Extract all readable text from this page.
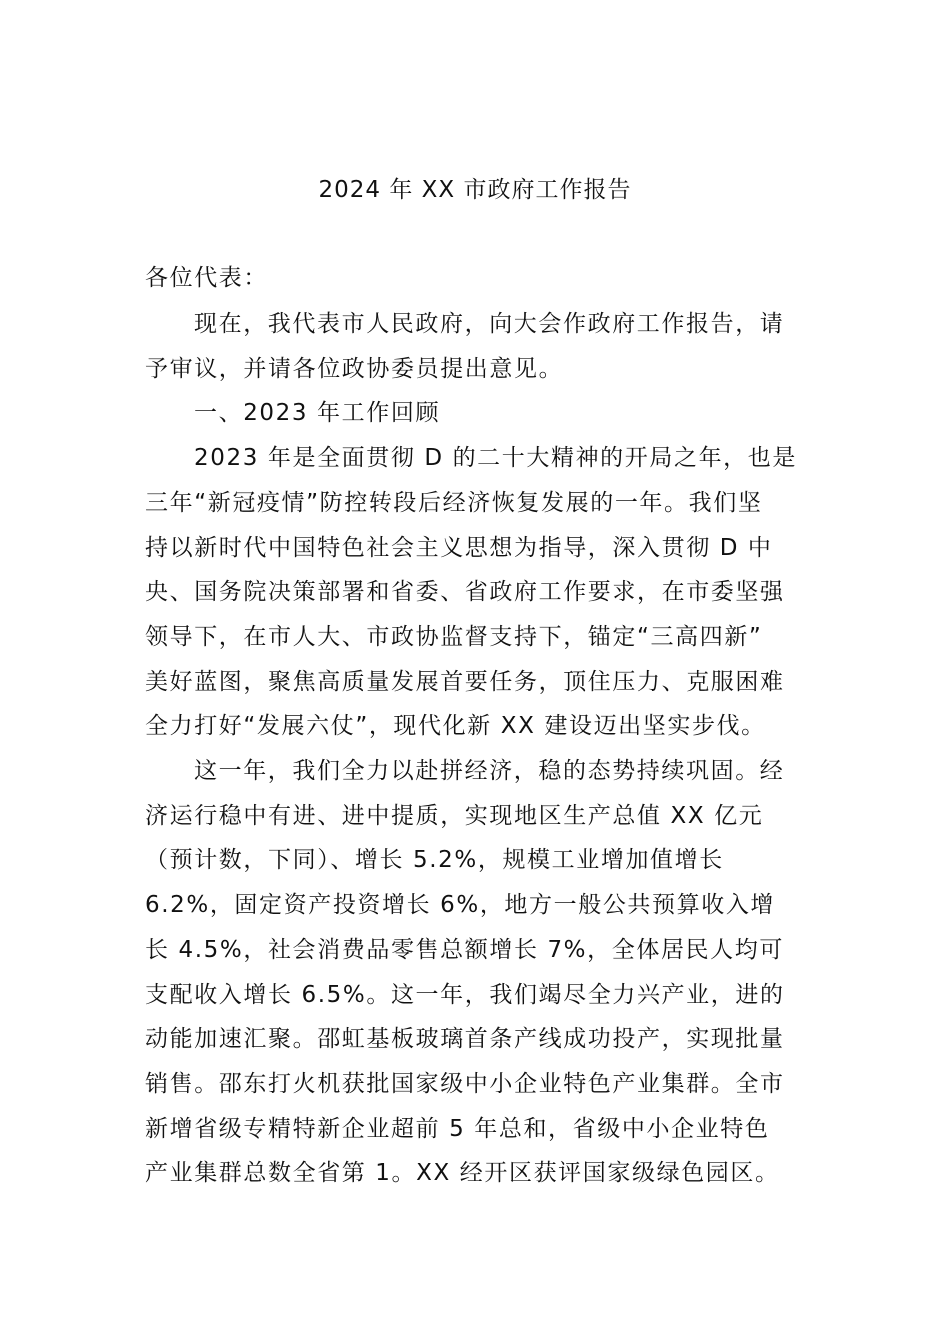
2024 年 XX 市政府工作报告
各位代表：
现在，我代表市人民政府，向大会作政府工作报告，请
予审议，并请各位政协委员提出意见。
一、2023 年工作回顾
2023 年是全面贯彻 D 的二十大精神的开局之年，也是
三年“新冠疫情”防控转段后经济恢复发展的一年。我们坚
持以新时代中国特色社会主义思想为指导，深入贯彻 D 中
央、国务院决策部署和省委、省政府工作要求，在市委坚强
领导下，在市人大、市政协监督支持下，锚定“三高四新”
美好蓝图，聚焦高质量发展首要任务，顶住压力、克服困难
全力打好“发展六仗”，现代化新 XX 建设迈出坚实步伐。
这一年，我们全力以赴拼经济，稳的态势持续巩固。经
济运行稳中有进、进中提质，实现地区生产总值 XX 亿元
（预计数，下同）、增长 5.2%，规模工业增加值增长
6.2%，固定资产投资增长 6%，地方一般公共预算收入增
长 4.5%，社会消费品零售总额增长 7%，全体居民人均可
支配收入增长 6.5%。这一年，我们竭尽全力兴产业，进的
动能加速汇聚。邵虹基板玻璃首条产线成功投产，实现批量
销售。邵东打火机获批国家级中小企业特色产业集群。全市
新增省级专精特新企业超前 5 年总和，省级中小企业特色
产业集群总数全省第 1。XX 经开区获评国家级绿色园区。
